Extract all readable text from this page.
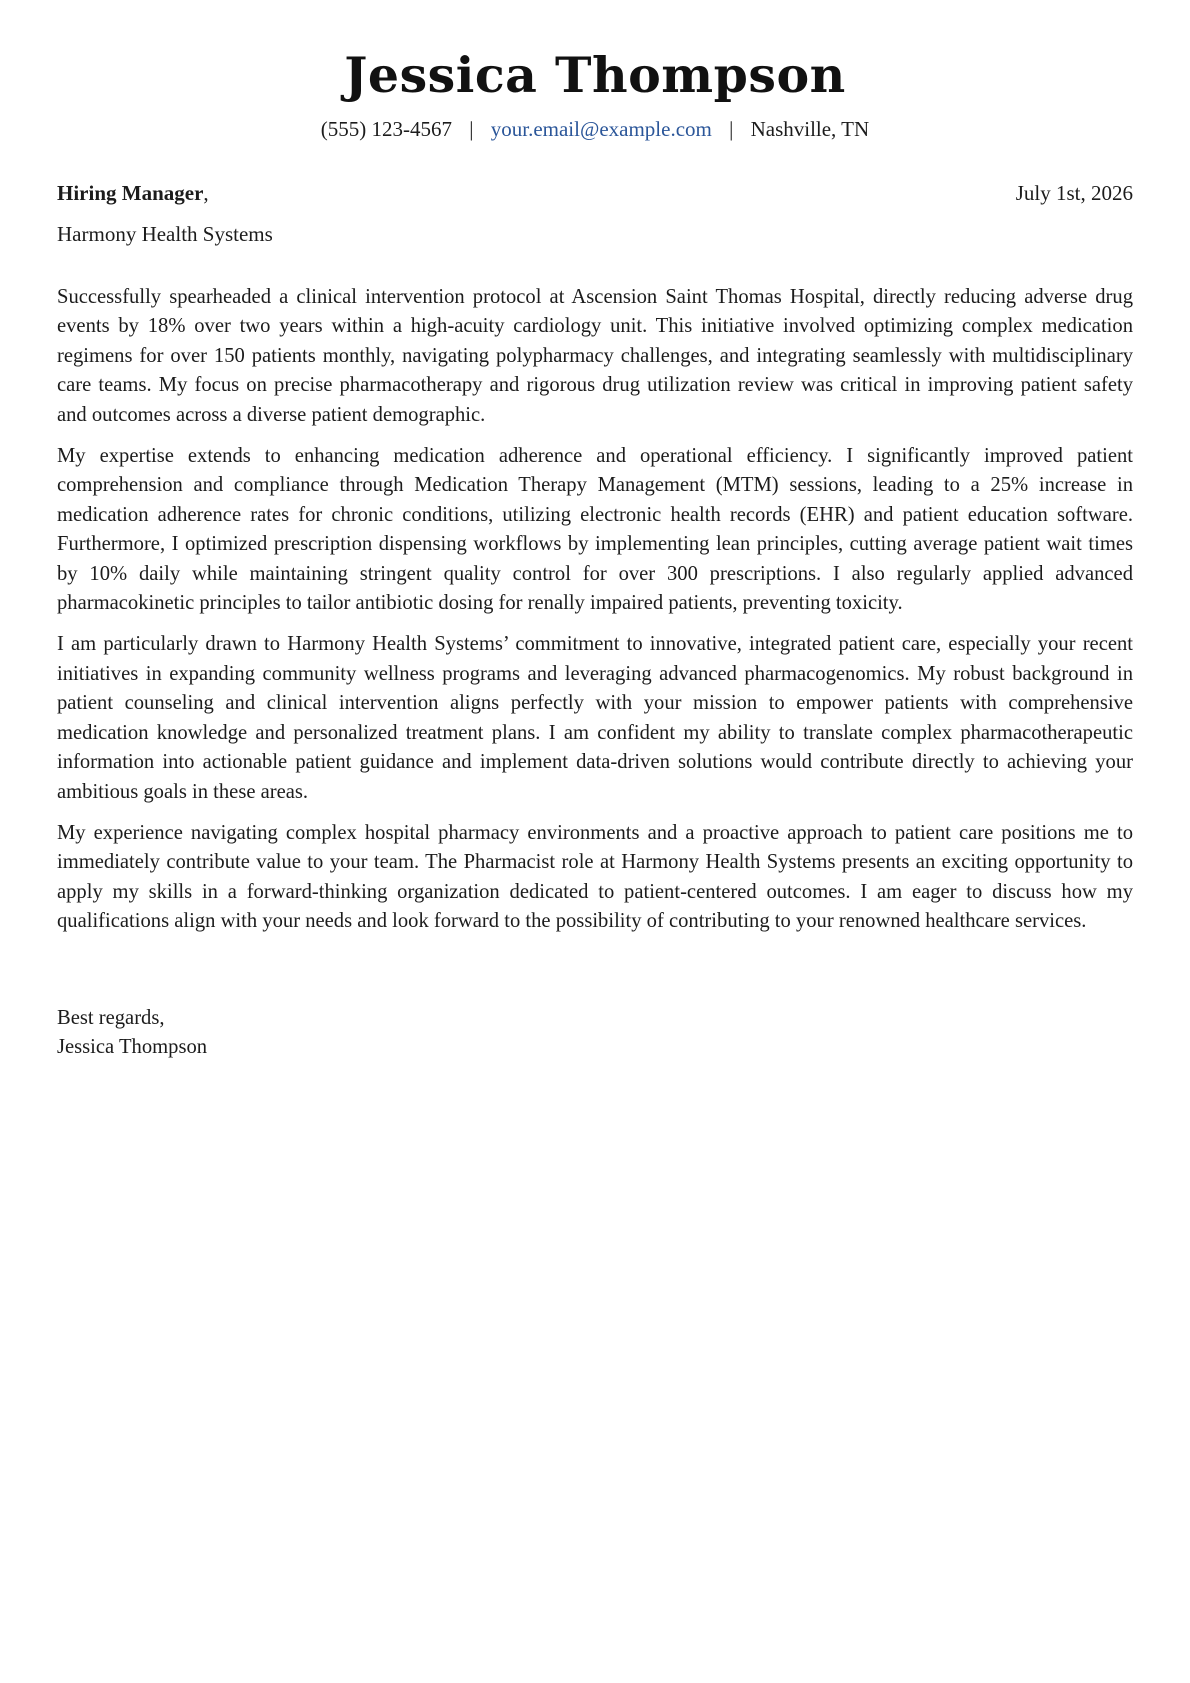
Jessica Thompson
(555) 123-4567 | your.email@example.com | Nashville, TN
Hiring Manager,	July 1st, 2026
Harmony Health Systems

Successfully spearheaded a clinical intervention protocol at Ascension Saint Thomas Hospital, directly reducing adverse drug events by 18% over two years within a high-acuity cardiology unit. This initiative involved optimizing complex medication regimens for over 150 patients monthly, navigating polypharmacy challenges, and integrating seamlessly with multidisciplinary care teams. My focus on precise pharmacotherapy and rigorous drug utilization review was critical in improving patient safety and outcomes across a diverse patient demographic.

My expertise extends to enhancing medication adherence and operational efficiency. I significantly improved patient comprehension and compliance through Medication Therapy Management (MTM) sessions, leading to a 25% increase in medication adherence rates for chronic conditions, utilizing electronic health records (EHR) and patient education software. Furthermore, I optimized prescription dispensing workflows by implementing lean principles, cutting average patient wait times by 10% daily while maintaining stringent quality control for over 300 prescriptions. I also regularly applied advanced pharmacokinetic principles to tailor antibiotic dosing for renally impaired patients, preventing toxicity.

I am particularly drawn to Harmony Health Systems’ commitment to innovative, integrated patient care, especially your recent initiatives in expanding community wellness programs and leveraging advanced pharmacogenomics. My robust background in patient counseling and clinical intervention aligns perfectly with your mission to empower patients with comprehensive medication knowledge and personalized treatment plans. I am confident my ability to translate complex pharmacotherapeutic information into actionable patient guidance and implement data-driven solutions would contribute directly to achieving your ambitious goals in these areas.

My experience navigating complex hospital pharmacy environments and a proactive approach to patient care positions me to immediately contribute value to your team. The Pharmacist role at Harmony Health Systems presents an exciting opportunity to apply my skills in a forward-thinking organization dedicated to patient-centered outcomes. I am eager to discuss how my qualifications align with your needs and look forward to the possibility of contributing to your renowned healthcare services.

Best regards,
Jessica Thompson
